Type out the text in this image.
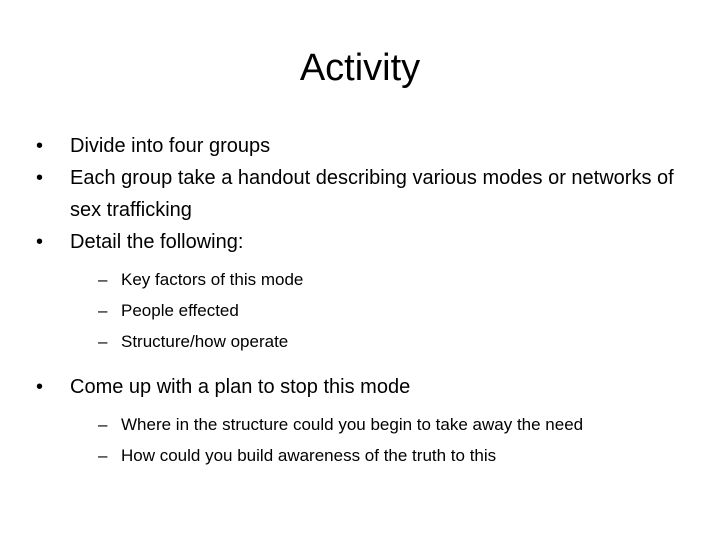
Activity
•	Divide into four groups
•	Each group take a handout describing various modes or networks of sex trafficking
•	Detail the following:
– Key factors of this mode
– People effected
– Structure/how operate
•	Come up with a plan to stop this mode
– Where in the structure could you begin to take away the need
– How could you build awareness of the truth to this
